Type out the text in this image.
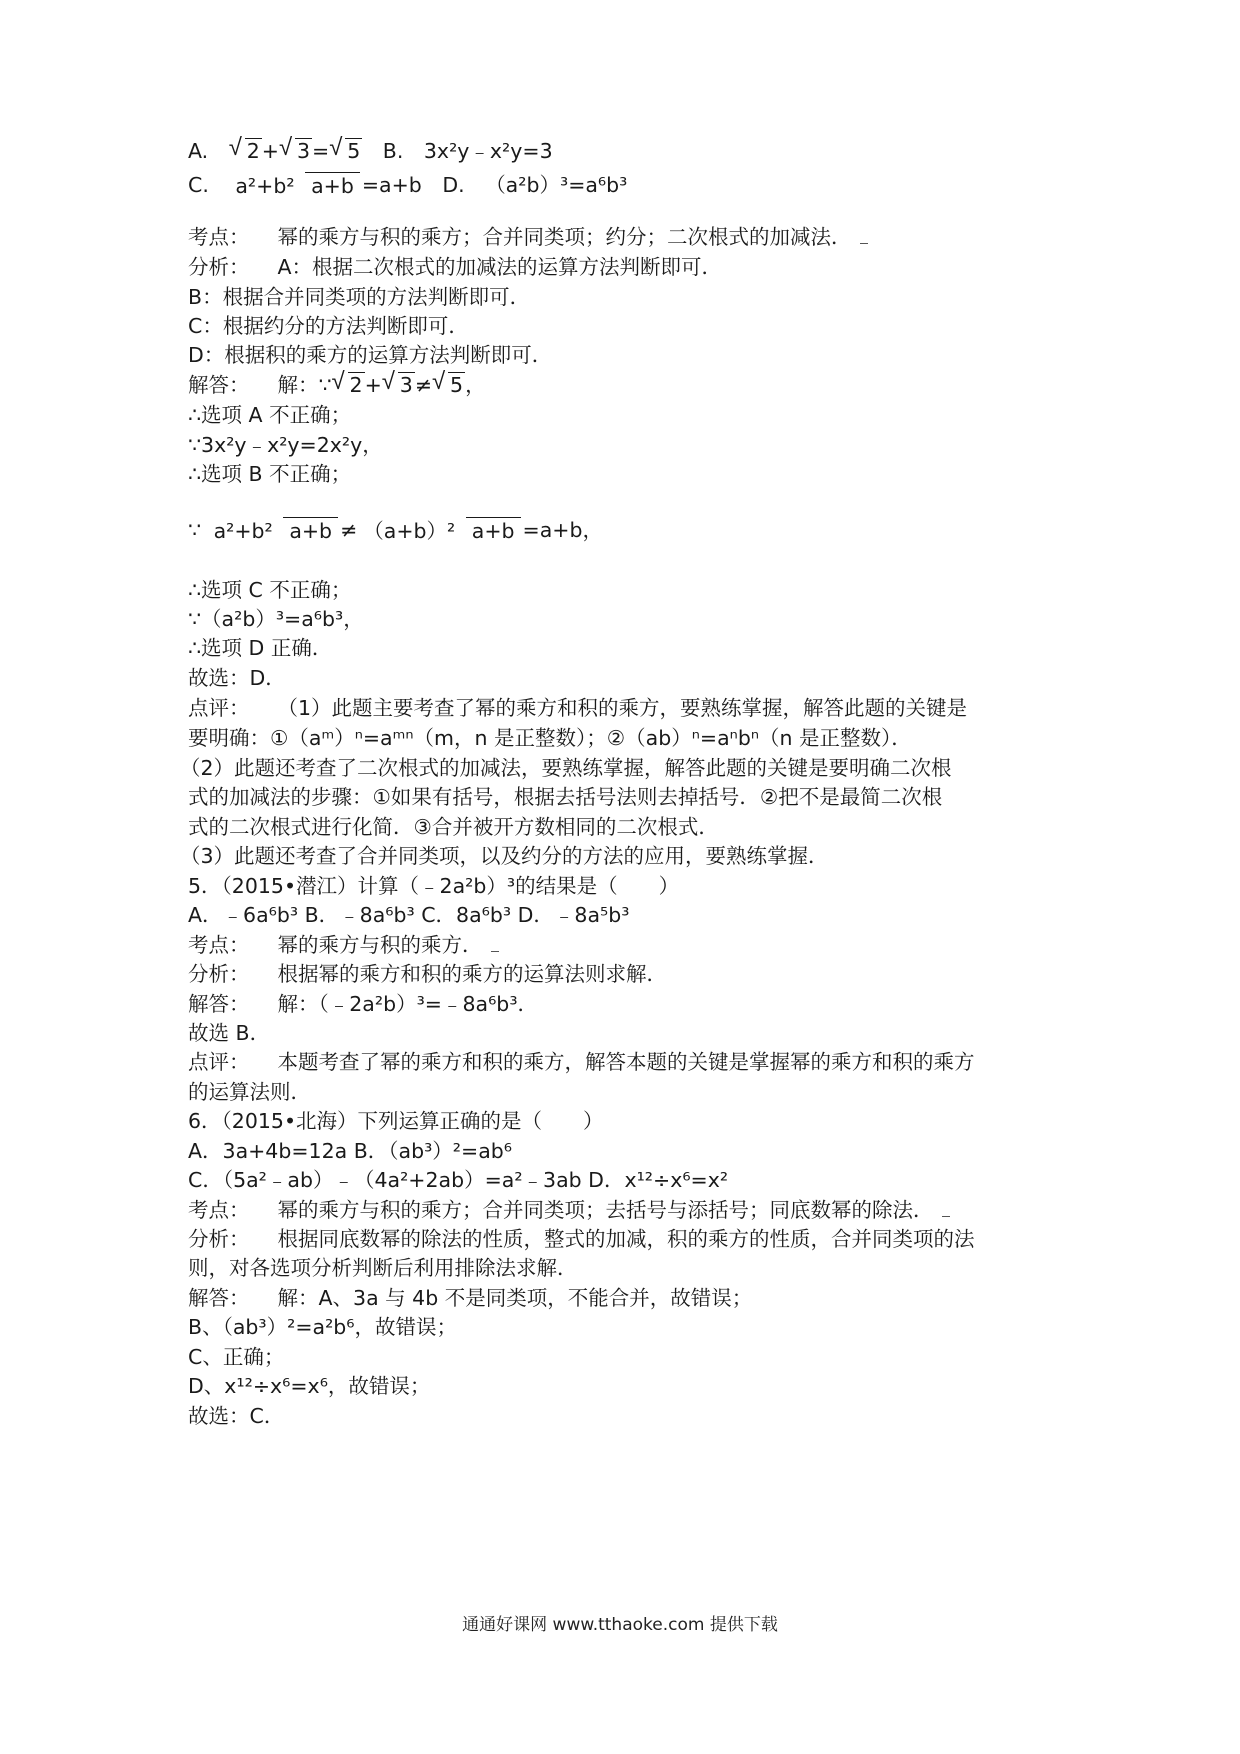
A. √ 2+ √ 3= √ 5 B. 3x²y﹣x²y=3
C. a²+b² a+b =a+b D. （a²b）³=a⁶b³
考点： 幂的乘方与积的乘方；合并同类项；约分；二次根式的加减法．
分析： A：根据二次根式的加减法的运算方法判断即可．
B：根据合并同类项的方法判断即可．
C：根据约分的方法判断即可．
D：根据积的乘方的运算方法判断即可．
解答： 解：∵ √ 2+ √ 3≠ √ 5，
∴选项 A 不正确；
∵3x²y﹣x²y=2x²y，
∴选项 B 不正确；
∵ a²+b² a+b ≠ （a+b）² a+b =a+b，
∴选项 C 不正确；
∵（a²b）³=a⁶b³，
∴选项 D 正确．
故选：D．
点评： （1）此题主要考查了幂的乘方和积的乘方，要熟练掌握，解答此题的关键是
要明确：①（aᵐ）ⁿ=aᵐⁿ（m，n 是正整数）；②（ab）ⁿ=aⁿbⁿ（n 是正整数）．
（2）此题还考查了二次根式的加减法，要熟练掌握，解答此题的关键是要明确二次根
式的加减法的步骤：①如果有括号，根据去括号法则去掉括号．②把不是最简二次根
式的二次根式进行化简．③合并被开方数相同的二次根式．
（3）此题还考查了合并同类项，以及约分的方法的应用，要熟练掌握．
5．（2015•潜江）计算（﹣2a²b）³的结果是（　　）
A．﹣6a⁶b³ B．﹣8a⁶b³ C．8a⁶b³ D．﹣8a⁵b³
考点： 幂的乘方与积的乘方．
分析： 根据幂的乘方和积的乘方的运算法则求解．
解答： 解：（﹣2a²b）³=﹣8a⁶b³．
故选 B．
点评： 本题考查了幂的乘方和积的乘方，解答本题的关键是掌握幂的乘方和积的乘方
的运算法则．
6．（2015•北海）下列运算正确的是（　　）
A．3a+4b=12a B．（ab³）²=ab⁶
C．（5a²﹣ab）﹣（4a²+2ab）=a²﹣3ab D．x¹²÷x⁶=x²
考点： 幂的乘方与积的乘方；合并同类项；去括号与添括号；同底数幂的除法．
分析： 根据同底数幂的除法的性质，整式的加减，积的乘方的性质，合并同类项的法
则，对各选项分析判断后利用排除法求解．
解答： 解：A、3a 与 4b 不是同类项，不能合并，故错误；
B、（ab³）²=a²b⁶，故错误；
C、正确；
D、x¹²÷x⁶=x⁶，故错误；
故选：C．
通通好课网 www.tthaoke.com 提供下载
